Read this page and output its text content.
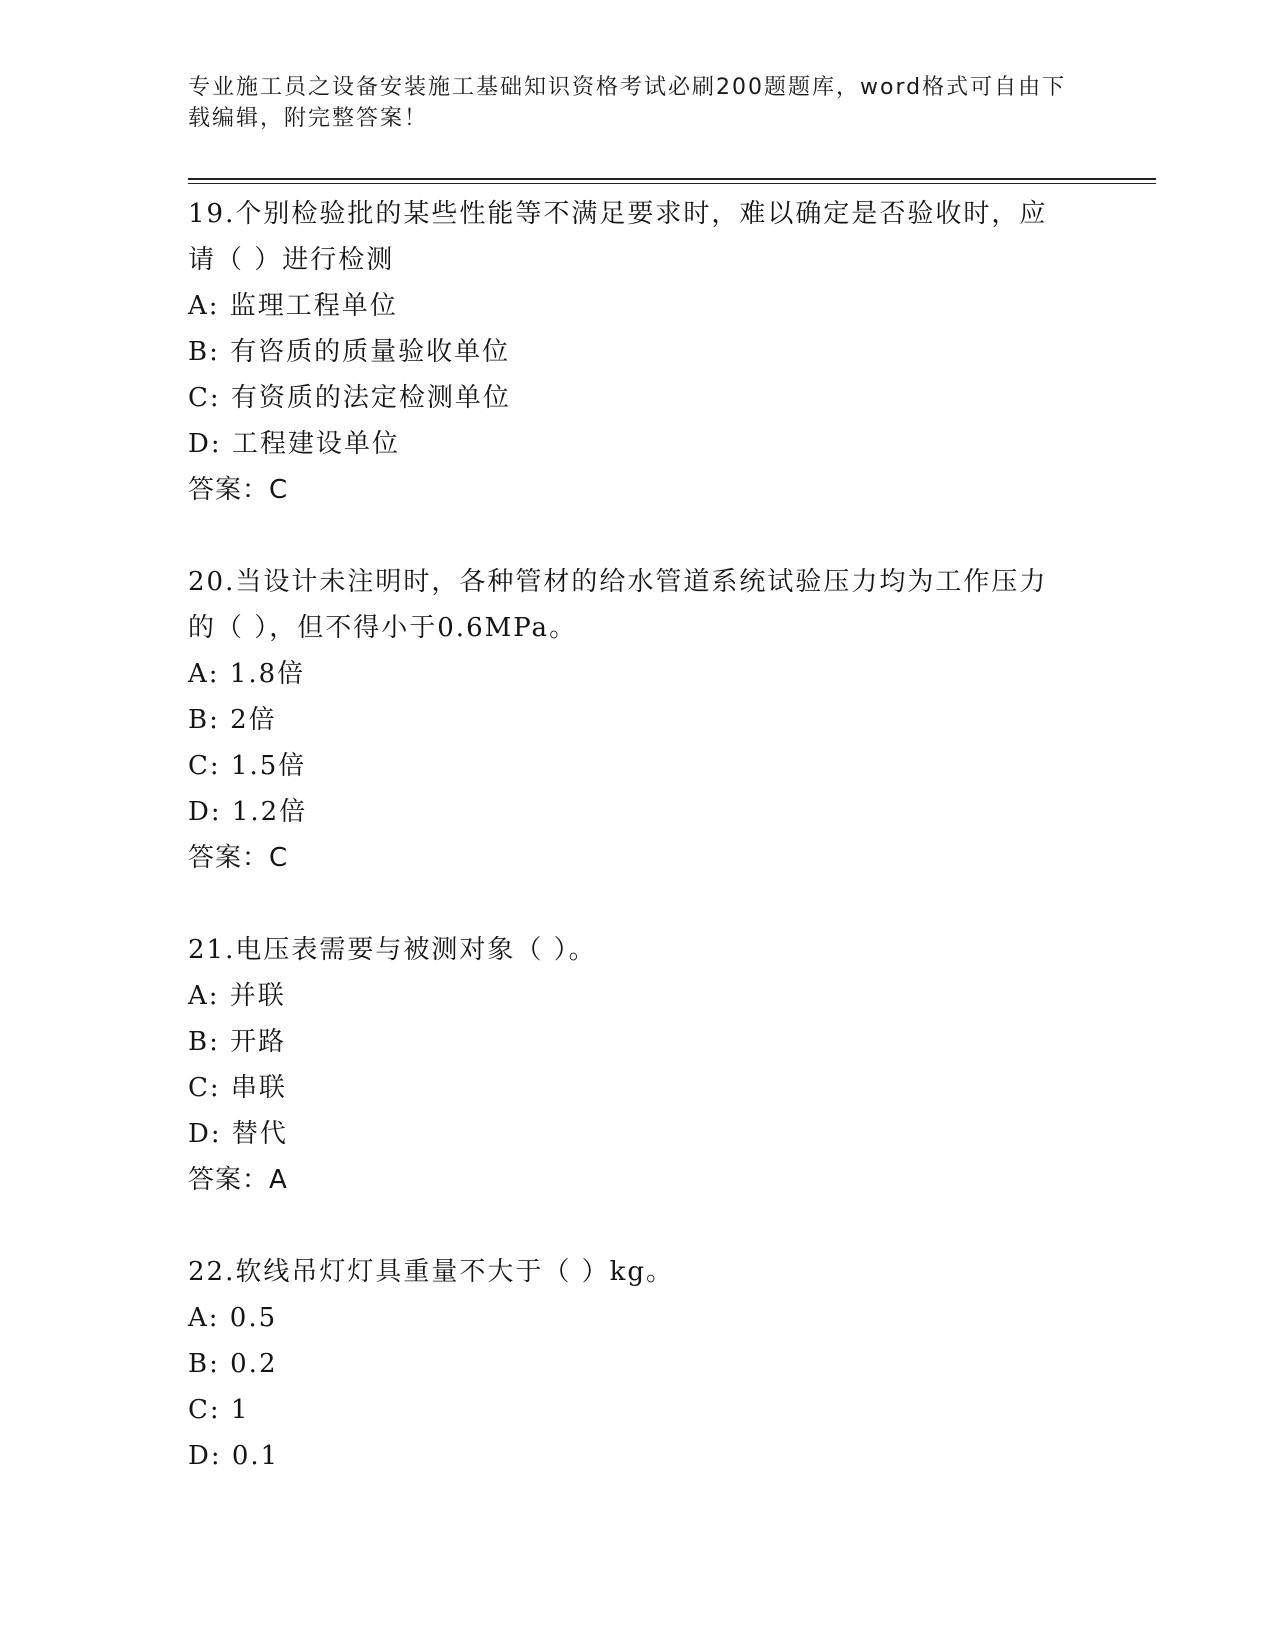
专业施工员之设备安装施工基础知识资格考试必刷200题题库，word格式可自由下载编辑，附完整答案！
19.个别检验批的某些性能等不满足要求时，难以确定是否验收时，应请（ ）进行检测
A: 监理工程单位
B: 有咨质的质量验收单位
C: 有资质的法定检测单位
D: 工程建设单位
答案：C
20.当设计未注明时，各种管材的给水管道系统试验压力均为工作压力的（ ），但不得小于0.6MPa。
A: 1.8倍
B: 2倍
C: 1.5倍
D: 1.2倍
答案：C
21.电压表需要与被测对象（ ）。
A: 并联
B: 开路
C: 串联
D: 替代
答案：A
22.软线吊灯灯具重量不大于（ ）kg。
A: 0.5
B: 0.2
C: 1
D: 0.1
